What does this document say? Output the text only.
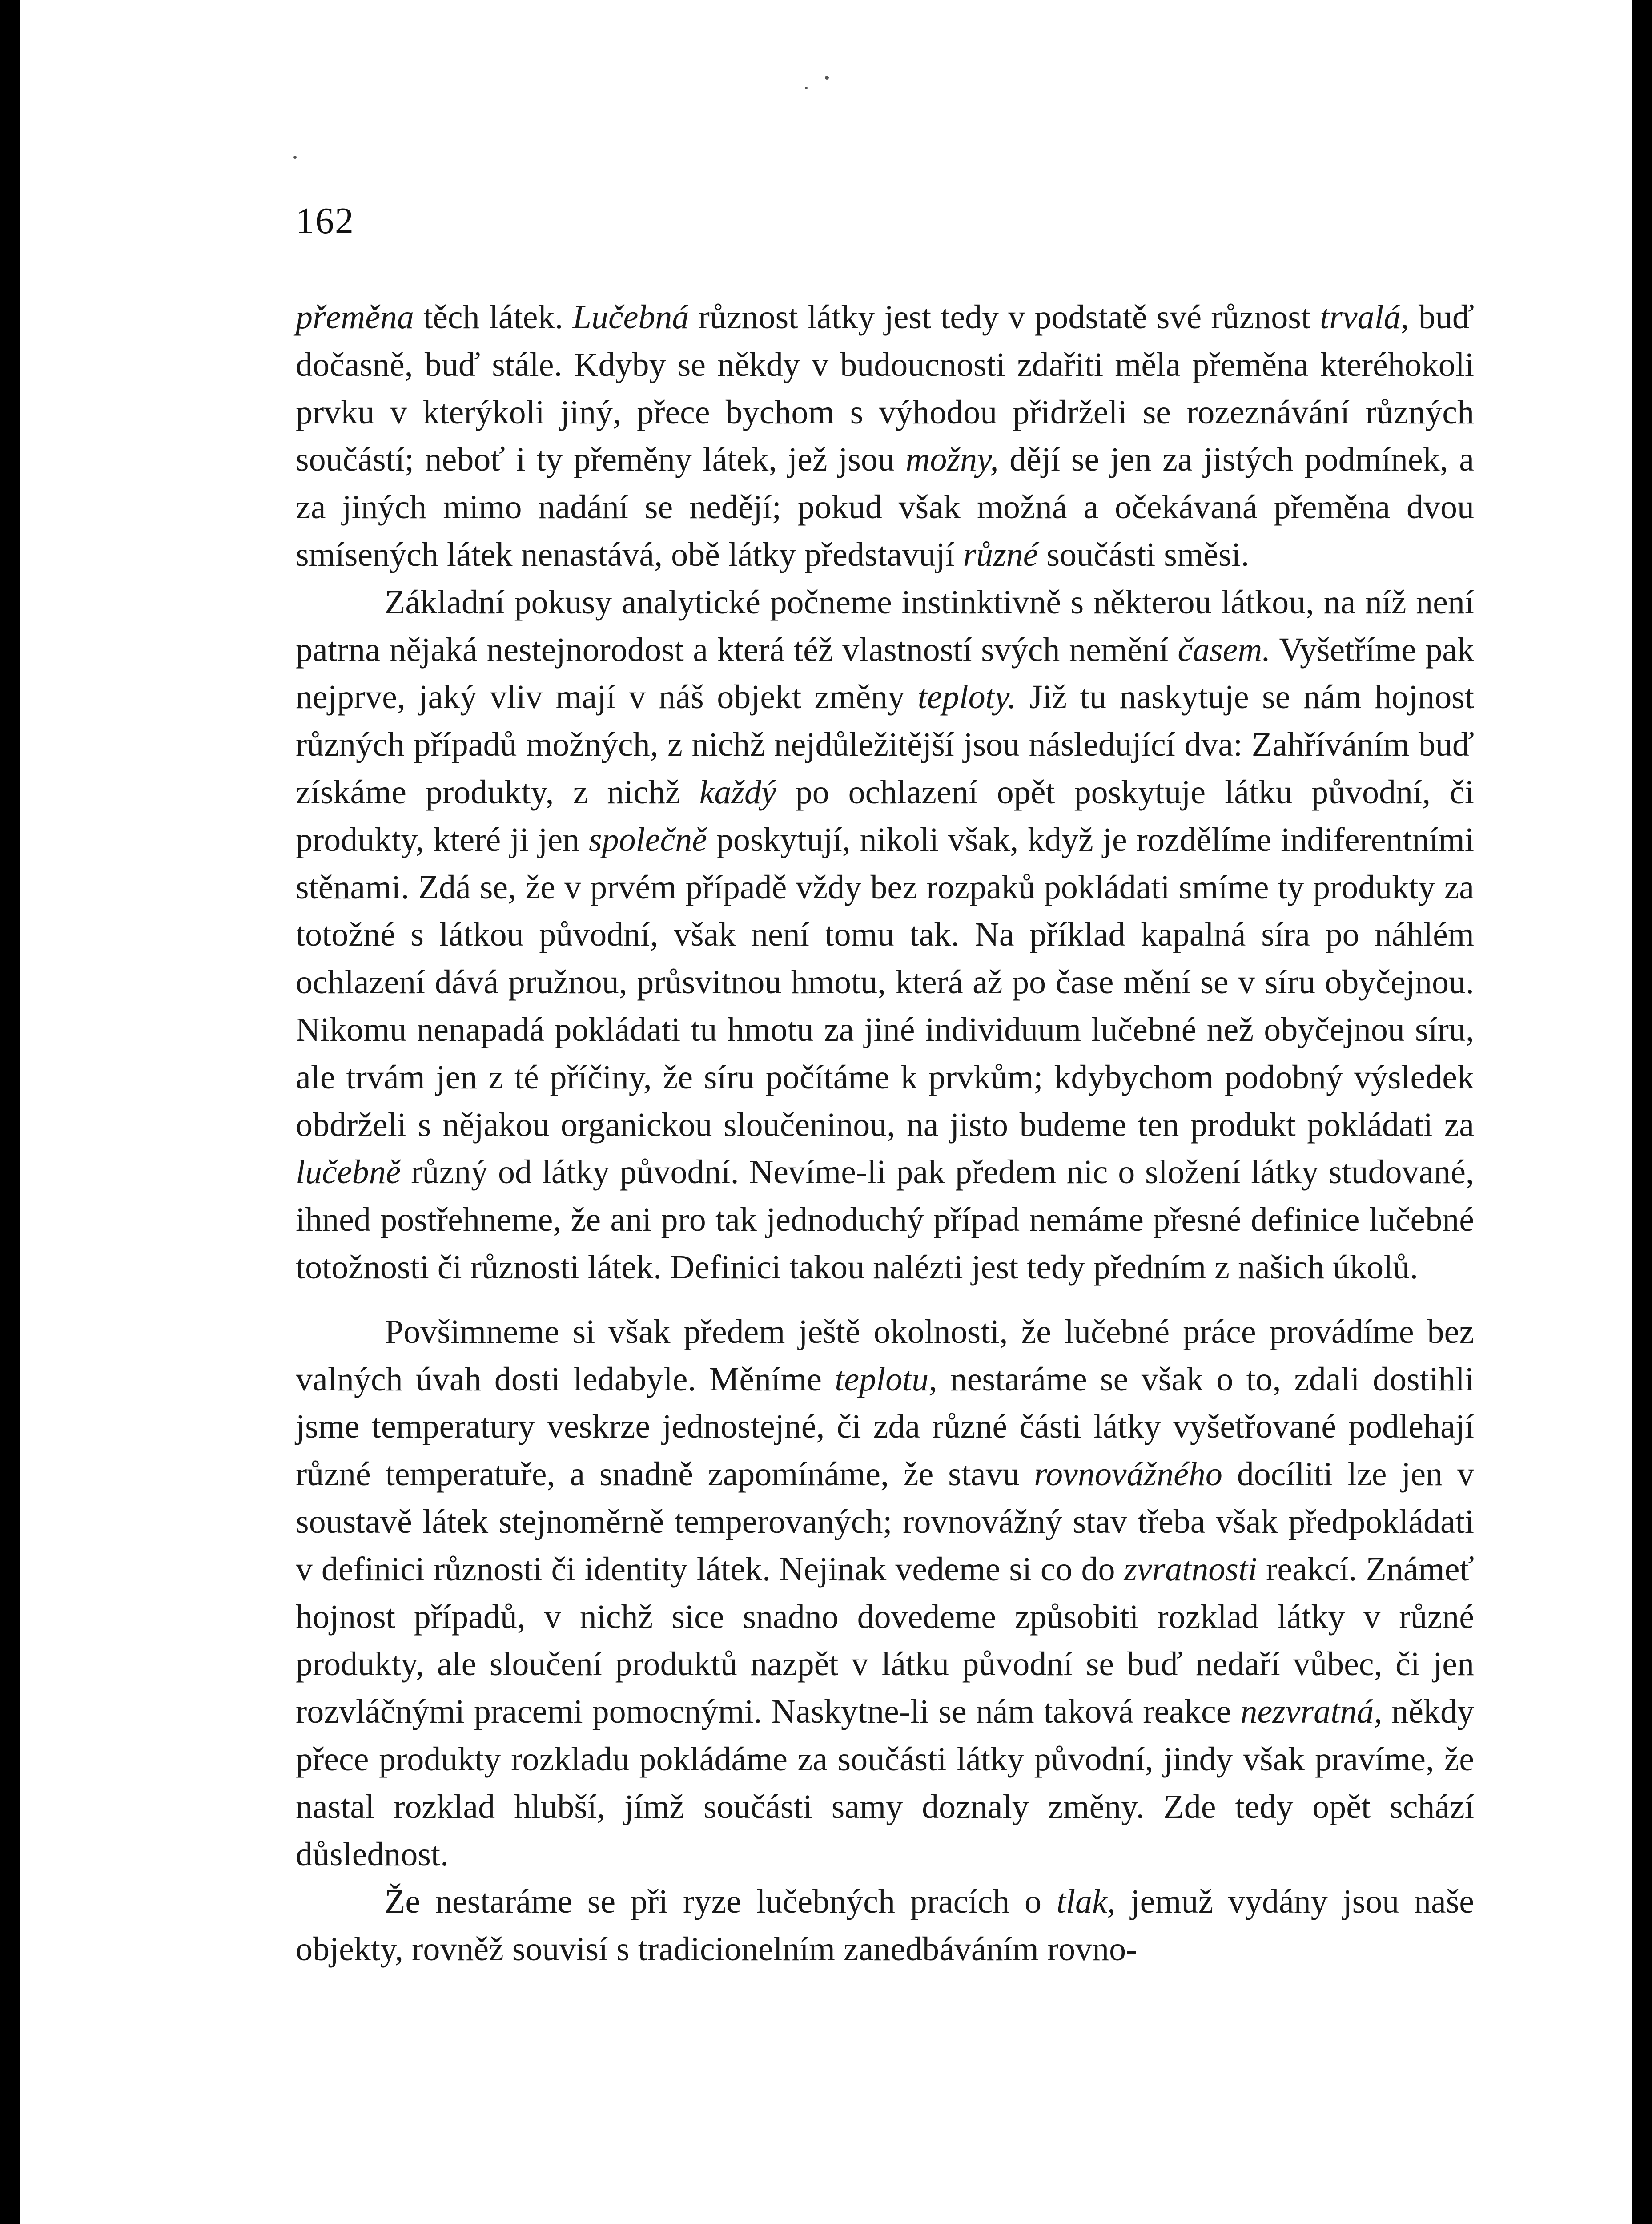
162

přeměna těch látek. Lučebná různost látky jest tedy v podstatě své různost trvalá, buď dočasně, buď stále. Kdyby se někdy v budoucnosti zdařiti měla přeměna kteréhokoli prvku v kterýkoli jiný, přece bychom s výhodou přidrželi se rozeznávání různých součástí; neboť i ty přeměny látek, jež jsou možny, dějí se jen za jistých podmínek, a za jiných mimo nadání se nedějí; pokud však možná a očekávaná přeměna dvou smísených látek nenastává, obě látky představují různé součásti směsi.

Základní pokusy analytické počneme instinktivně s některou látkou, na níž není patrna nějaká nestejnorodost a která též vlastností svých nemění časem. Vyšetříme pak nejprve, jaký vliv mají v náš objekt změny teploty. Již tu naskytuje se nám hojnost různých případů možných, z nichž nejdůležitější jsou následující dva: Zahříváním buď získáme produkty, z nichž každý po ochlazení opět poskytuje látku původní, či produkty, které ji jen společně poskytují, nikoli však, když je rozdělíme indiferentními stěnami. Zdá se, že v prvém případě vždy bez rozpaků pokládati smíme ty produkty za totožné s látkou původní, však není tomu tak. Na příklad kapalná síra po náhlém ochlazení dává pružnou, průsvitnou hmotu, která až po čase mění se v síru obyčejnou. Nikomu nenapadá pokládati tu hmotu za jiné individuum lučebné než obyčejnou síru, ale trvám jen z té příčiny, že síru počítáme k prvkům; kdybychom podobný výsledek obdrželi s nějakou organickou sloučeninou, na jisto budeme ten produkt pokládati za lučebně různý od látky původní. Nevíme-li pak předem nic o složení látky studované, ihned postřehneme, že ani pro tak jednoduchý případ nemáme přesné definice lučebné totožnosti či různosti látek. Definici takou nalézti jest tedy předním z našich úkolů.

Povšimneme si však předem ještě okolnosti, že lučebné práce provádíme bez valných úvah dosti ledabyle. Měníme teplotu, nestaráme se však o to, zdali dostihli jsme temperatury veskrze jednostejné, či zda různé části látky vyšetřované podlehají různé temperatuře, a snadně zapomínáme, že stavu rovnovážného docíliti lze jen v soustavě látek stejnoměrně temperovaných; rovnovážný stav třeba však předpokládati v definici různosti či identity látek. Nejinak vedeme si co do zvratnosti reakcí. Známeť hojnost případů, v nichž sice snadno dovedeme způsobiti rozklad látky v různé produkty, ale sloučení produktů nazpět v látku původní se buď nedaří vůbec, či jen rozvláčnými pracemi pomocnými. Naskytne-li se nám taková reakce nezvratná, někdy přece produkty rozkladu pokládáme za součásti látky původní, jindy však pravíme, že nastal rozklad hlubší, jímž součásti samy doznaly změny. Zde tedy opět schází důslednost.

Že nestaráme se při ryze lučebných pracích o tlak, jemuž vydány jsou naše objekty, rovněž souvisí s tradicionelním zanedbáváním rovno-
